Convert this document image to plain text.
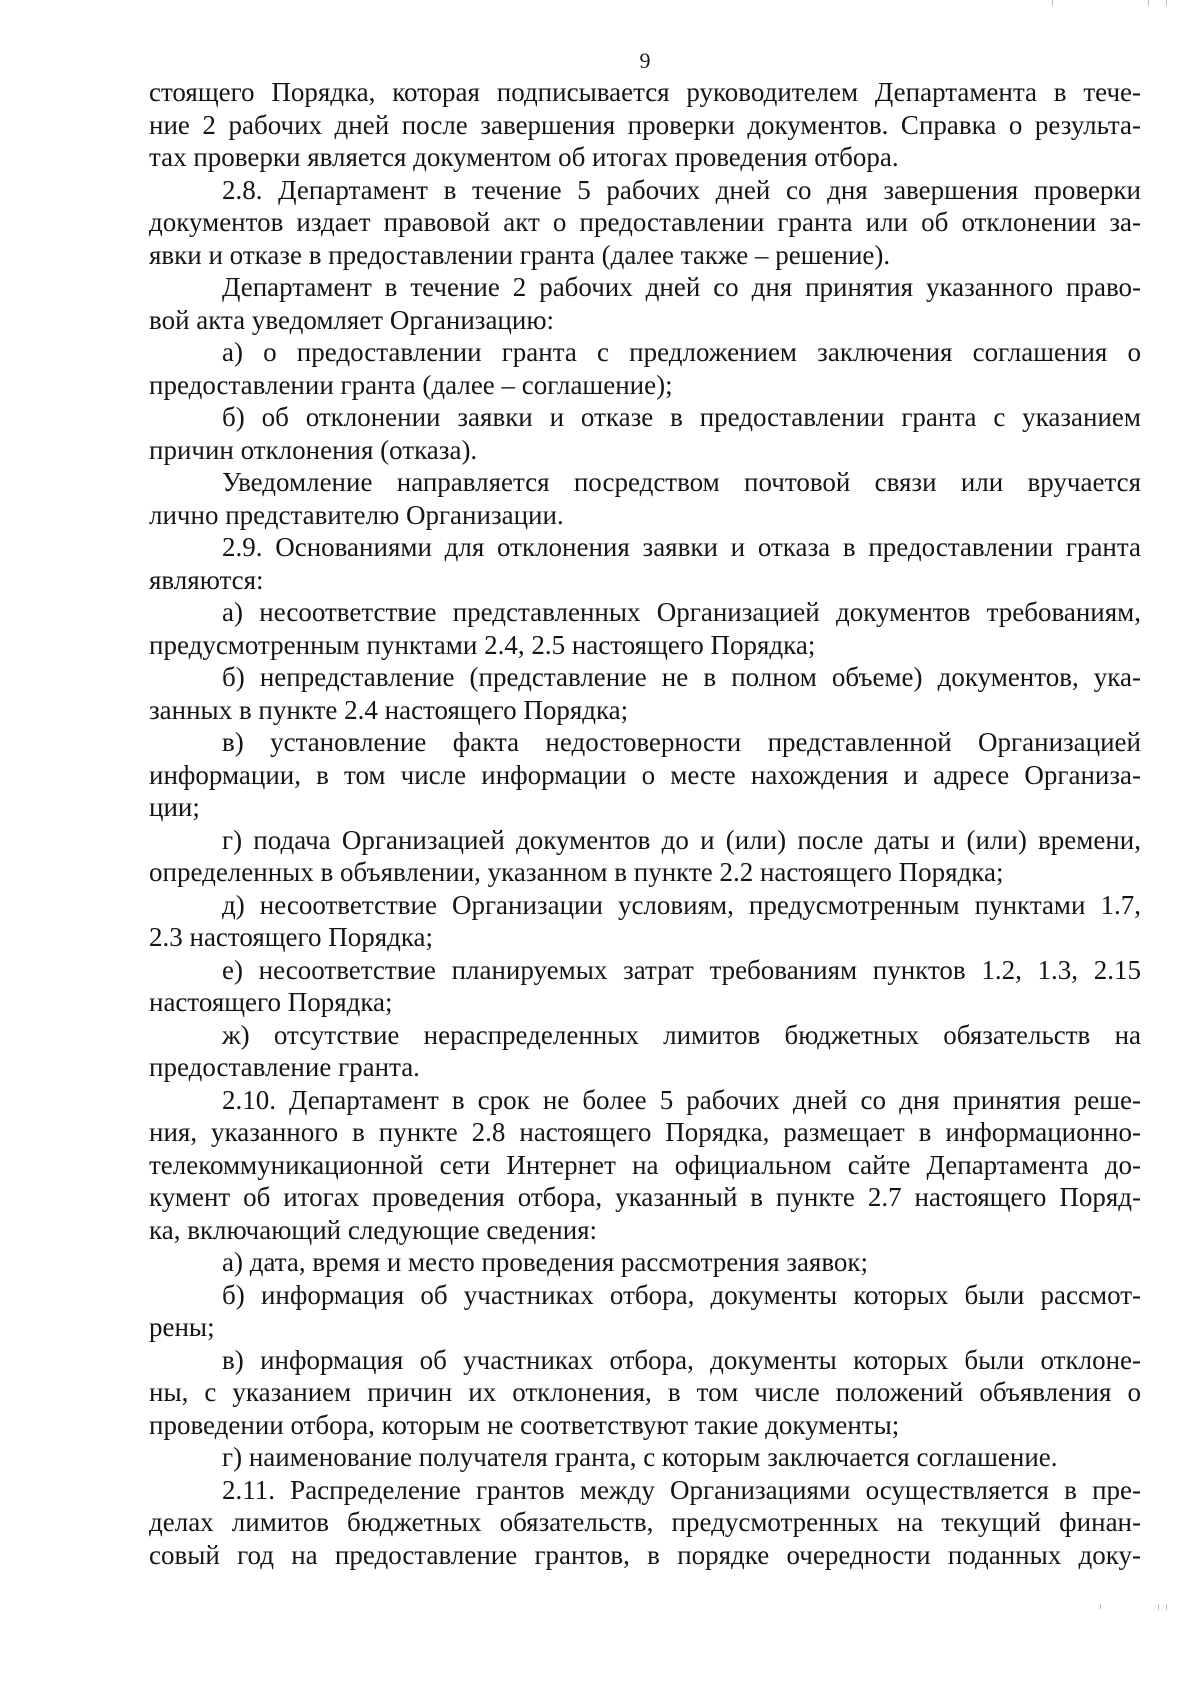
9
стоящего Порядка, которая подписывается руководителем Департамента в тече-
ние 2 рабочих дней после завершения проверки документов. Справка о результа-
тах проверки является документом об итогах проведения отбора.
2.8. Департамент в течение 5 рабочих дней со дня завершения проверки
документов издает правовой акт о предоставлении гранта или об отклонении за-
явки и отказе в предоставлении гранта (далее также – решение).
Департамент в течение 2 рабочих дней со дня принятия указанного право-
вой акта уведомляет Организацию:
а) о предоставлении гранта с предложением заключения соглашения о
предоставлении гранта (далее – соглашение);
б) об отклонении заявки и отказе в предоставлении гранта с указанием
причин отклонения (отказа).
Уведомление направляется посредством почтовой связи или вручается
лично представителю Организации.
2.9. Основаниями для отклонения заявки и отказа в предоставлении гранта
являются:
а) несоответствие представленных Организацией документов требованиям,
предусмотренным пунктами 2.4, 2.5 настоящего Порядка;
б) непредставление (представление не в полном объеме) документов, ука-
занных в пункте 2.4 настоящего Порядка;
в) установление факта недостоверности представленной Организацией
информации, в том числе информации о месте нахождения и адресе Организа-
ции;
г) подача Организацией документов до и (или) после даты и (или) времени,
определенных в объявлении, указанном в пункте 2.2 настоящего Порядка;
д) несоответствие Организации условиям, предусмотренным пунктами 1.7,
2.3 настоящего Порядка;
е) несоответствие планируемых затрат требованиям пунктов 1.2, 1.3, 2.15
настоящего Порядка;
ж) отсутствие нераспределенных лимитов бюджетных обязательств на
предоставление гранта.
2.10. Департамент в срок не более 5 рабочих дней со дня принятия реше-
ния, указанного в пункте 2.8 настоящего Порядка, размещает в информационно-
телекоммуникационной сети Интернет на официальном сайте Департамента до-
кумент об итогах проведения отбора, указанный в пункте 2.7 настоящего Поряд-
ка, включающий следующие сведения:
а) дата, время и место проведения рассмотрения заявок;
б) информация об участниках отбора, документы которых были рассмот-
рены;
в) информация об участниках отбора, документы которых были отклоне-
ны, с указанием причин их отклонения, в том числе положений объявления о
проведении отбора, которым не соответствуют такие документы;
г) наименование получателя гранта, с которым заключается соглашение.
2.11. Распределение грантов между Организациями осуществляется в пре-
делах лимитов бюджетных обязательств, предусмотренных на текущий финан-
совый год на предоставление грантов, в порядке очередности поданных доку-
